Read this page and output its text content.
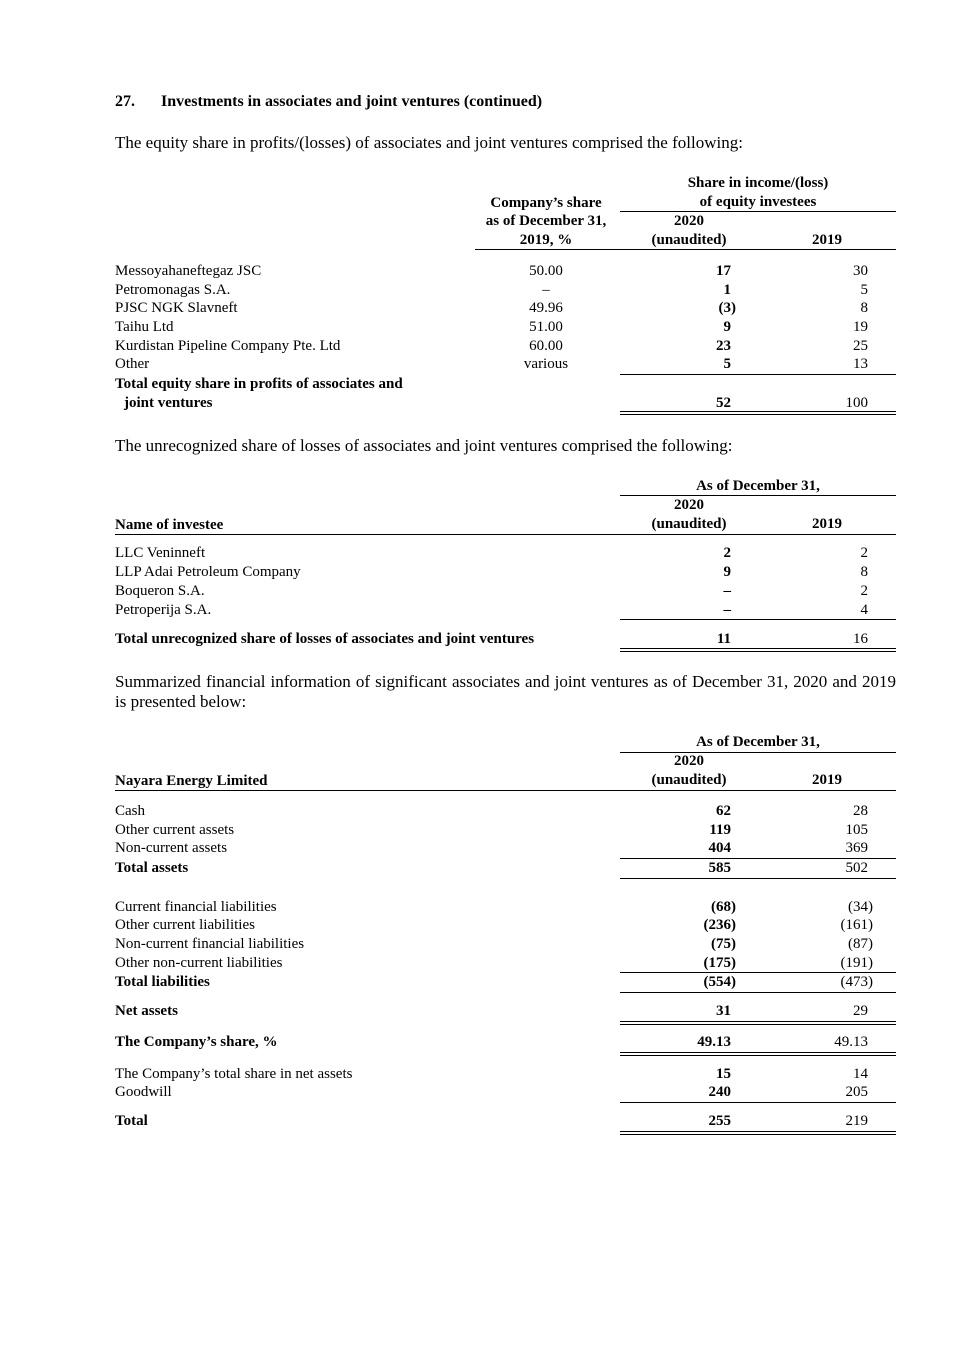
27. Investments in associates and joint ventures (continued)
The equity share in profits/(losses) of associates and joint ventures comprised the following:
Share in income/(loss)
of equity investees
Company’s share
as of December 31,
2019, %
2020
(unaudited)	2019
Messoyahaneftegaz JSC	50.00	17	30
Petromonagas S.A.	–	1	5
PJSC NGK Slavneft	49.96	(3)	8
Taihu Ltd	51.00	9	19
Kurdistan Pipeline Company Pte. Ltd	60.00	23	25
Other	various	5	13
Total equity share in profits of associates and
joint ventures	52	100
The unrecognized share of losses of associates and joint ventures comprised the following:
As of December 31,
2020
(unaudited)	2019
Name of investee
LLC Veninneft	2	2
LLP Adai Petroleum Company	9	8
Boqueron S.A.	–	2
Petroperija S.A.	–	4
Total unrecognized share of losses of associates and joint ventures	11	16
Summarized financial information of significant associates and joint ventures as of December 31, 2020 and 2019 is presented below:
As of December 31,
2020
(unaudited)	2019
Nayara Energy Limited
Cash	62	28
Other current assets	119	105
Non-current assets	404	369
Total assets	585	502
Current financial liabilities	(68)	(34)
Other current liabilities	(236)	(161)
Non-current financial liabilities	(75)	(87)
Other non-current liabilities	(175)	(191)
Total liabilities	(554)	(473)
Net assets	31	29
The Company’s share, %	49.13	49.13
The Company’s total share in net assets	15	14
Goodwill	240	205
Total	255	219
